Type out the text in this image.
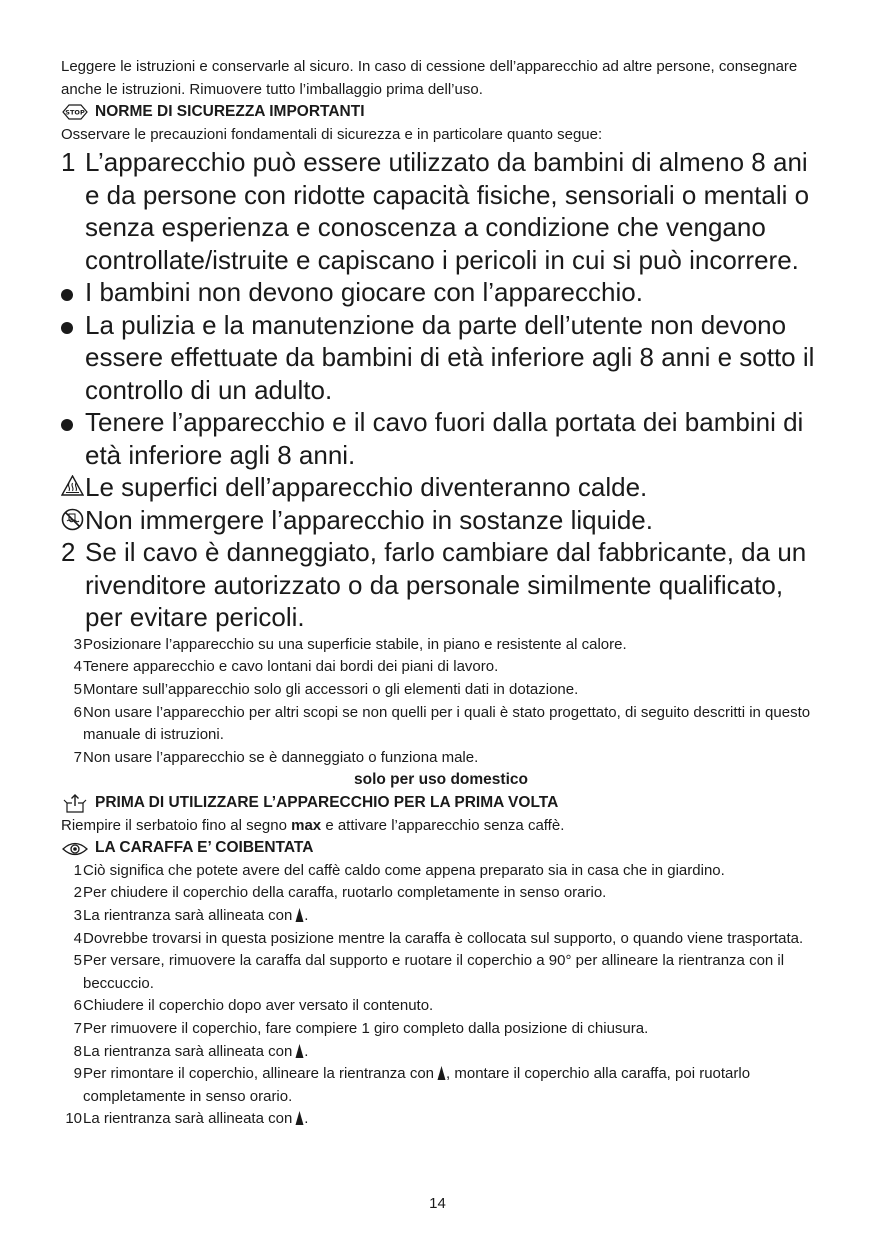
Leggere le istruzioni e conservarle al sicuro. In caso di cessione dell’apparecchio ad altre persone, consegnare anche le istruzioni. Rimuovere tutto l’imballaggio prima dell’uso.

STOP NORME DI SICUREZZA IMPORTANTI

Osservare le precauzioni fondamentali di sicurezza e in particolare quanto segue:

1 L’apparecchio può essere utilizzato da bambini di almeno 8 ani e da persone con ridotte capacità fisiche, sensoriali o mentali o senza esperienza e conoscenza a condizione che vengano controllate/istruite e capiscano i pericoli in cui si può incorrere.
I bambini non devono giocare con l’apparecchio.
La pulizia e la manutenzione da parte dell’utente non devono essere effettuate da bambini di età inferiore agli 8 anni e sotto il controllo di un adulto.
Tenere l’apparecchio e il cavo fuori dalla portata dei bambini di età inferiore agli 8 anni.
Le superfici dell’apparecchio diventeranno calde.
Non immergere l’apparecchio in sostanze liquide.
2 Se il cavo è danneggiato, farlo cambiare dal fabbricante, da un rivenditore autorizzato o da personale similmente qualificato, per evitare pericoli.
3 Posizionare l’apparecchio su una superficie stabile, in piano e resistente al calore.
4 Tenere apparecchio e cavo lontani dai bordi dei piani di lavoro.
5 Montare sull’apparecchio solo gli accessori o gli elementi dati in dotazione.
6 Non usare l’apparecchio per altri scopi se non quelli per i quali è stato progettato, di seguito descritti in questo manuale di istruzioni.
7 Non usare l’apparecchio se è danneggiato o funziona male.

solo per uso domestico

PRIMA DI UTILIZZARE L’APPARECCHIO PER LA PRIMA VOLTA

Riempire il serbatoio fino al segno max e attivare l’apparecchio senza caffè.

LA CARAFFA E’ COIBENTATA
1 Ciò significa che potete avere del caffè caldo come appena preparato sia in casa che in giardino.
2 Per chiudere il coperchio della caraffa, ruotarlo completamente in senso orario.
3 La rientranza sarà allineata con .
4 Dovrebbe trovarsi in questa posizione mentre la caraffa è collocata sul supporto, o quando viene trasportata.
5 Per versare, rimuovere la caraffa dal supporto e ruotare il coperchio a 90° per allineare la rientranza con il beccuccio.
6 Chiudere il coperchio dopo aver versato il contenuto.
7 Per rimuovere il coperchio, fare compiere 1 giro completo dalla posizione di chiusura.
8 La rientranza sarà allineata con .
9 Per rimontare il coperchio, allineare la rientranza con , montare il coperchio alla caraffa, poi ruotarlo completamente in senso orario.
10 La rientranza sarà allineata con .
14
